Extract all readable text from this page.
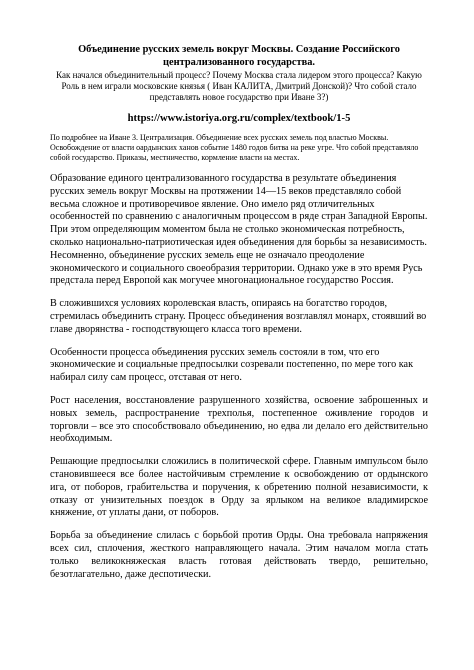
Объединение русских земель вокруг Москвы. Создание Российского централизованного государства.

Как начался объединительный процесс? Почему Москва стала лидером этого процесса? Какую Роль в нем играли московские князья ( Иван КАЛИТА, Дмитрий Донской)? Что собой стало представлять новое государство при Иване 3?)

https://www.istoriya.org.ru/complex/textbook/1-5

По подробнее на Иване 3. Централизация. Объединение всех русских земель под властью Москвы. Освобождение от власти оардынских ханов событие 1480 годов битва на реке угре. Что собой представляло собой государство. Приказы, местничество, кормление власти на местах.

Образование единого централизованного государства в результате объединения русских земель вокруг Москвы на протяжении 14—15 веков представляло собой весьма сложное и противоречивое явление. Оно имело ряд отличительных особенностей по сравнению с аналогичным процессом в ряде стран Западной Европы. При этом определяющим моментом была не столько экономическая потребность, сколько национально-патриотическая идея объединения для борьбы за независимость. Несомненно, объединение русских земель еще не означало преодоление экономического и социального своеобразия территории. Однако уже в это время Русь предстала перед Европой как могучее многонациональное государство Россия.

В сложившихся условиях королевская власть, опираясь на богатство городов, стремилась объединить страну. Процесс объединения возглавлял монарх, стоявший во главе дворянства - господствующего класса того времени.

Особенности процесса объединения русских земель состояли в том, что его экономические и социальные предпосылки созревали постепенно, по мере того как набирал силу сам процесс, отставая от него.

Рост населения, восстановление разрушенного хозяйства, освоение заброшенных и новых земель, распространение трехполья, постепенное оживление городов и торговли – все это способствовало объединению, но едва ли делало его действительно необходимым.

Решающие предпосылки сложились в политической сфере. Главным импульсом было становившееся все более настойчивым стремление к освобождению от ордынского ига, от поборов, грабительства и поручения, к обретению полной независимости, к отказу от унизительных поездок в Орду за ярлыком на великое владимирское княжение, от уплаты дани, от поборов.

Борьба за объединение слилась с борьбой против Орды. Она требовала напряжения всех сил, сплочения, жесткого направляющего начала. Этим началом могла стать только великокняжеская власть готовая действовать твердо, решительно, безотлагательно, даже деспотически.
